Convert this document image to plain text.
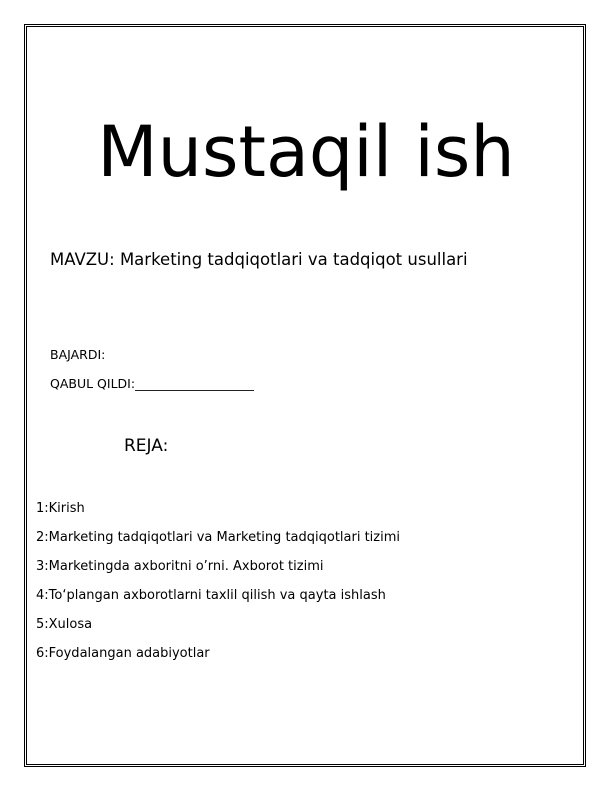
Mustaqil ish

MAVZU: Marketing tadqiqotlari va tadqiqot usullari

BAJARDI:

QABUL QILDI:___________________

REJA:

1:Kirish
2:Marketing tadqiqotlari va Marketing tadqiqotlari tizimi
3:Marketingda axboritni o’rni. Axborot tizimi
4:To‘plangan axborotlarni taxlil qilish va qayta ishlash
5:Xulosa
6:Foydalangan adabiyotlar
